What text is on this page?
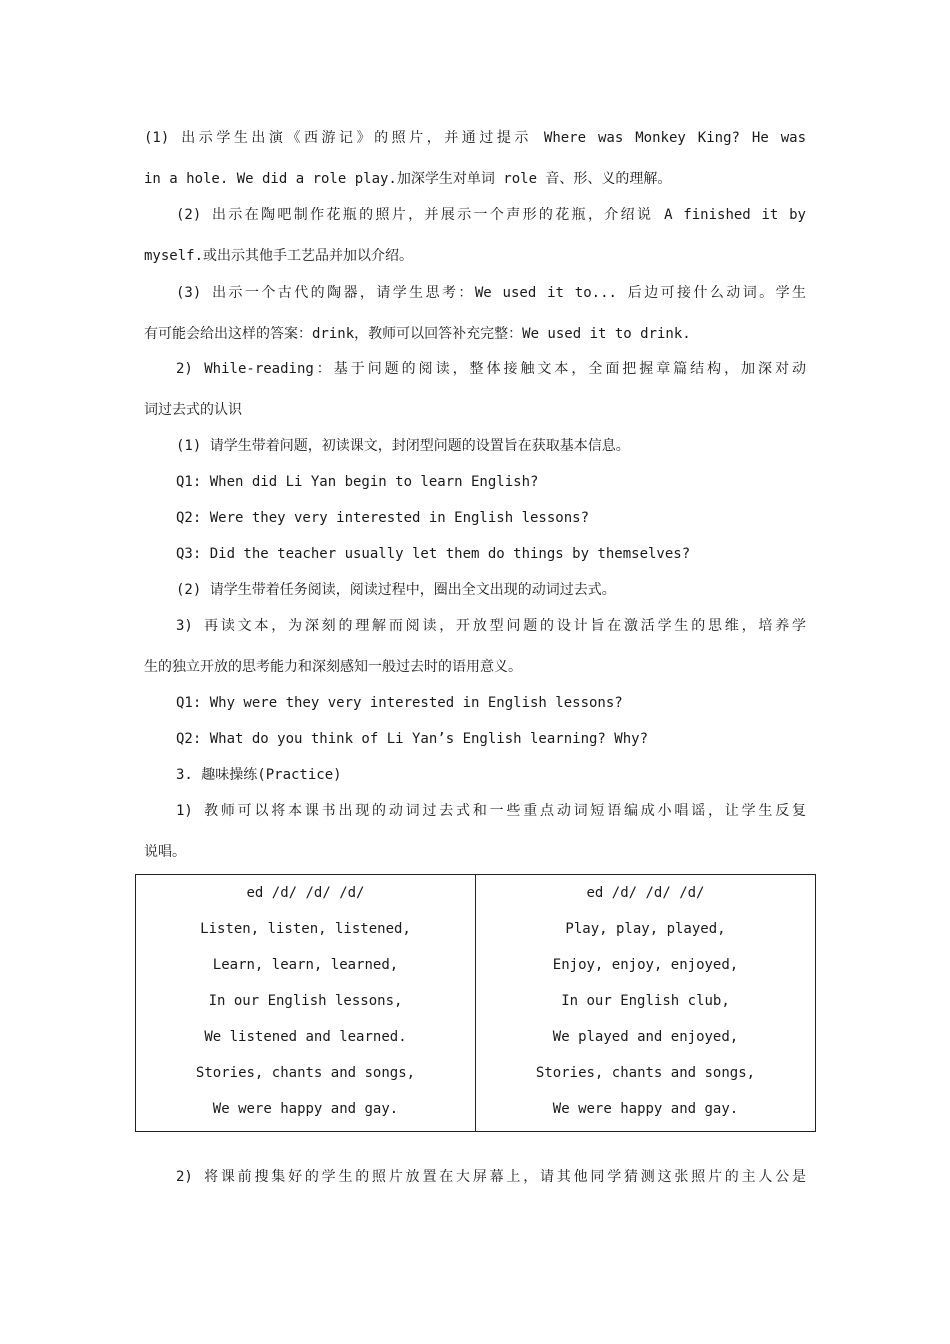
(1) 出示学生出演《西游记》的照片，并通过提示 Where was Monkey King? He was
in a hole. We did a role play.加深学生对单词 role 音、形、义的理解。
(2) 出示在陶吧制作花瓶的照片，并展示一个声形的花瓶，介绍说 A finished it by
myself.或出示其他手工艺品并加以介绍。
(3) 出示一个古代的陶器，请学生思考：We used it to... 后边可接什么动词。学生
有可能会给出这样的答案：drink，教师可以回答补充完整：We used it to drink.
2) While-reading：基于问题的阅读，整体接触文本，全面把握章篇结构，加深对动
词过去式的认识
(1) 请学生带着问题，初读课文，封闭型问题的设置旨在获取基本信息。
Q1: When did Li Yan begin to learn English?
Q2: Were they very interested in English lessons?
Q3: Did the teacher usually let them do things by themselves?
(2) 请学生带着任务阅读，阅读过程中，圈出全文出现的动词过去式。
3) 再读文本，为深刻的理解而阅读，开放型问题的设计旨在激活学生的思维，培养学
生的独立开放的思考能力和深刻感知一般过去时的语用意义。
Q1: Why were they very interested in English lessons?
Q2: What do you think of Li Yan’s English learning? Why?
3. 趣味操练(Practice)
1) 教师可以将本课书出现的动词过去式和一些重点动词短语编成小唱谣，让学生反复
说唱。
ed /d/ /d/ /d/
Listen, listen, listened,
Learn, learn, learned,
In our English lessons,
We listened and learned.
Stories, chants and songs,
We were happy and gay.

ed /d/ /d/ /d/
Play, play, played,
Enjoy, enjoy, enjoyed,
In our English club,
We played and enjoyed,
Stories, chants and songs,
We were happy and gay.
2) 将课前搜集好的学生的照片放置在大屏幕上，请其他同学猜测这张照片的主人公是
